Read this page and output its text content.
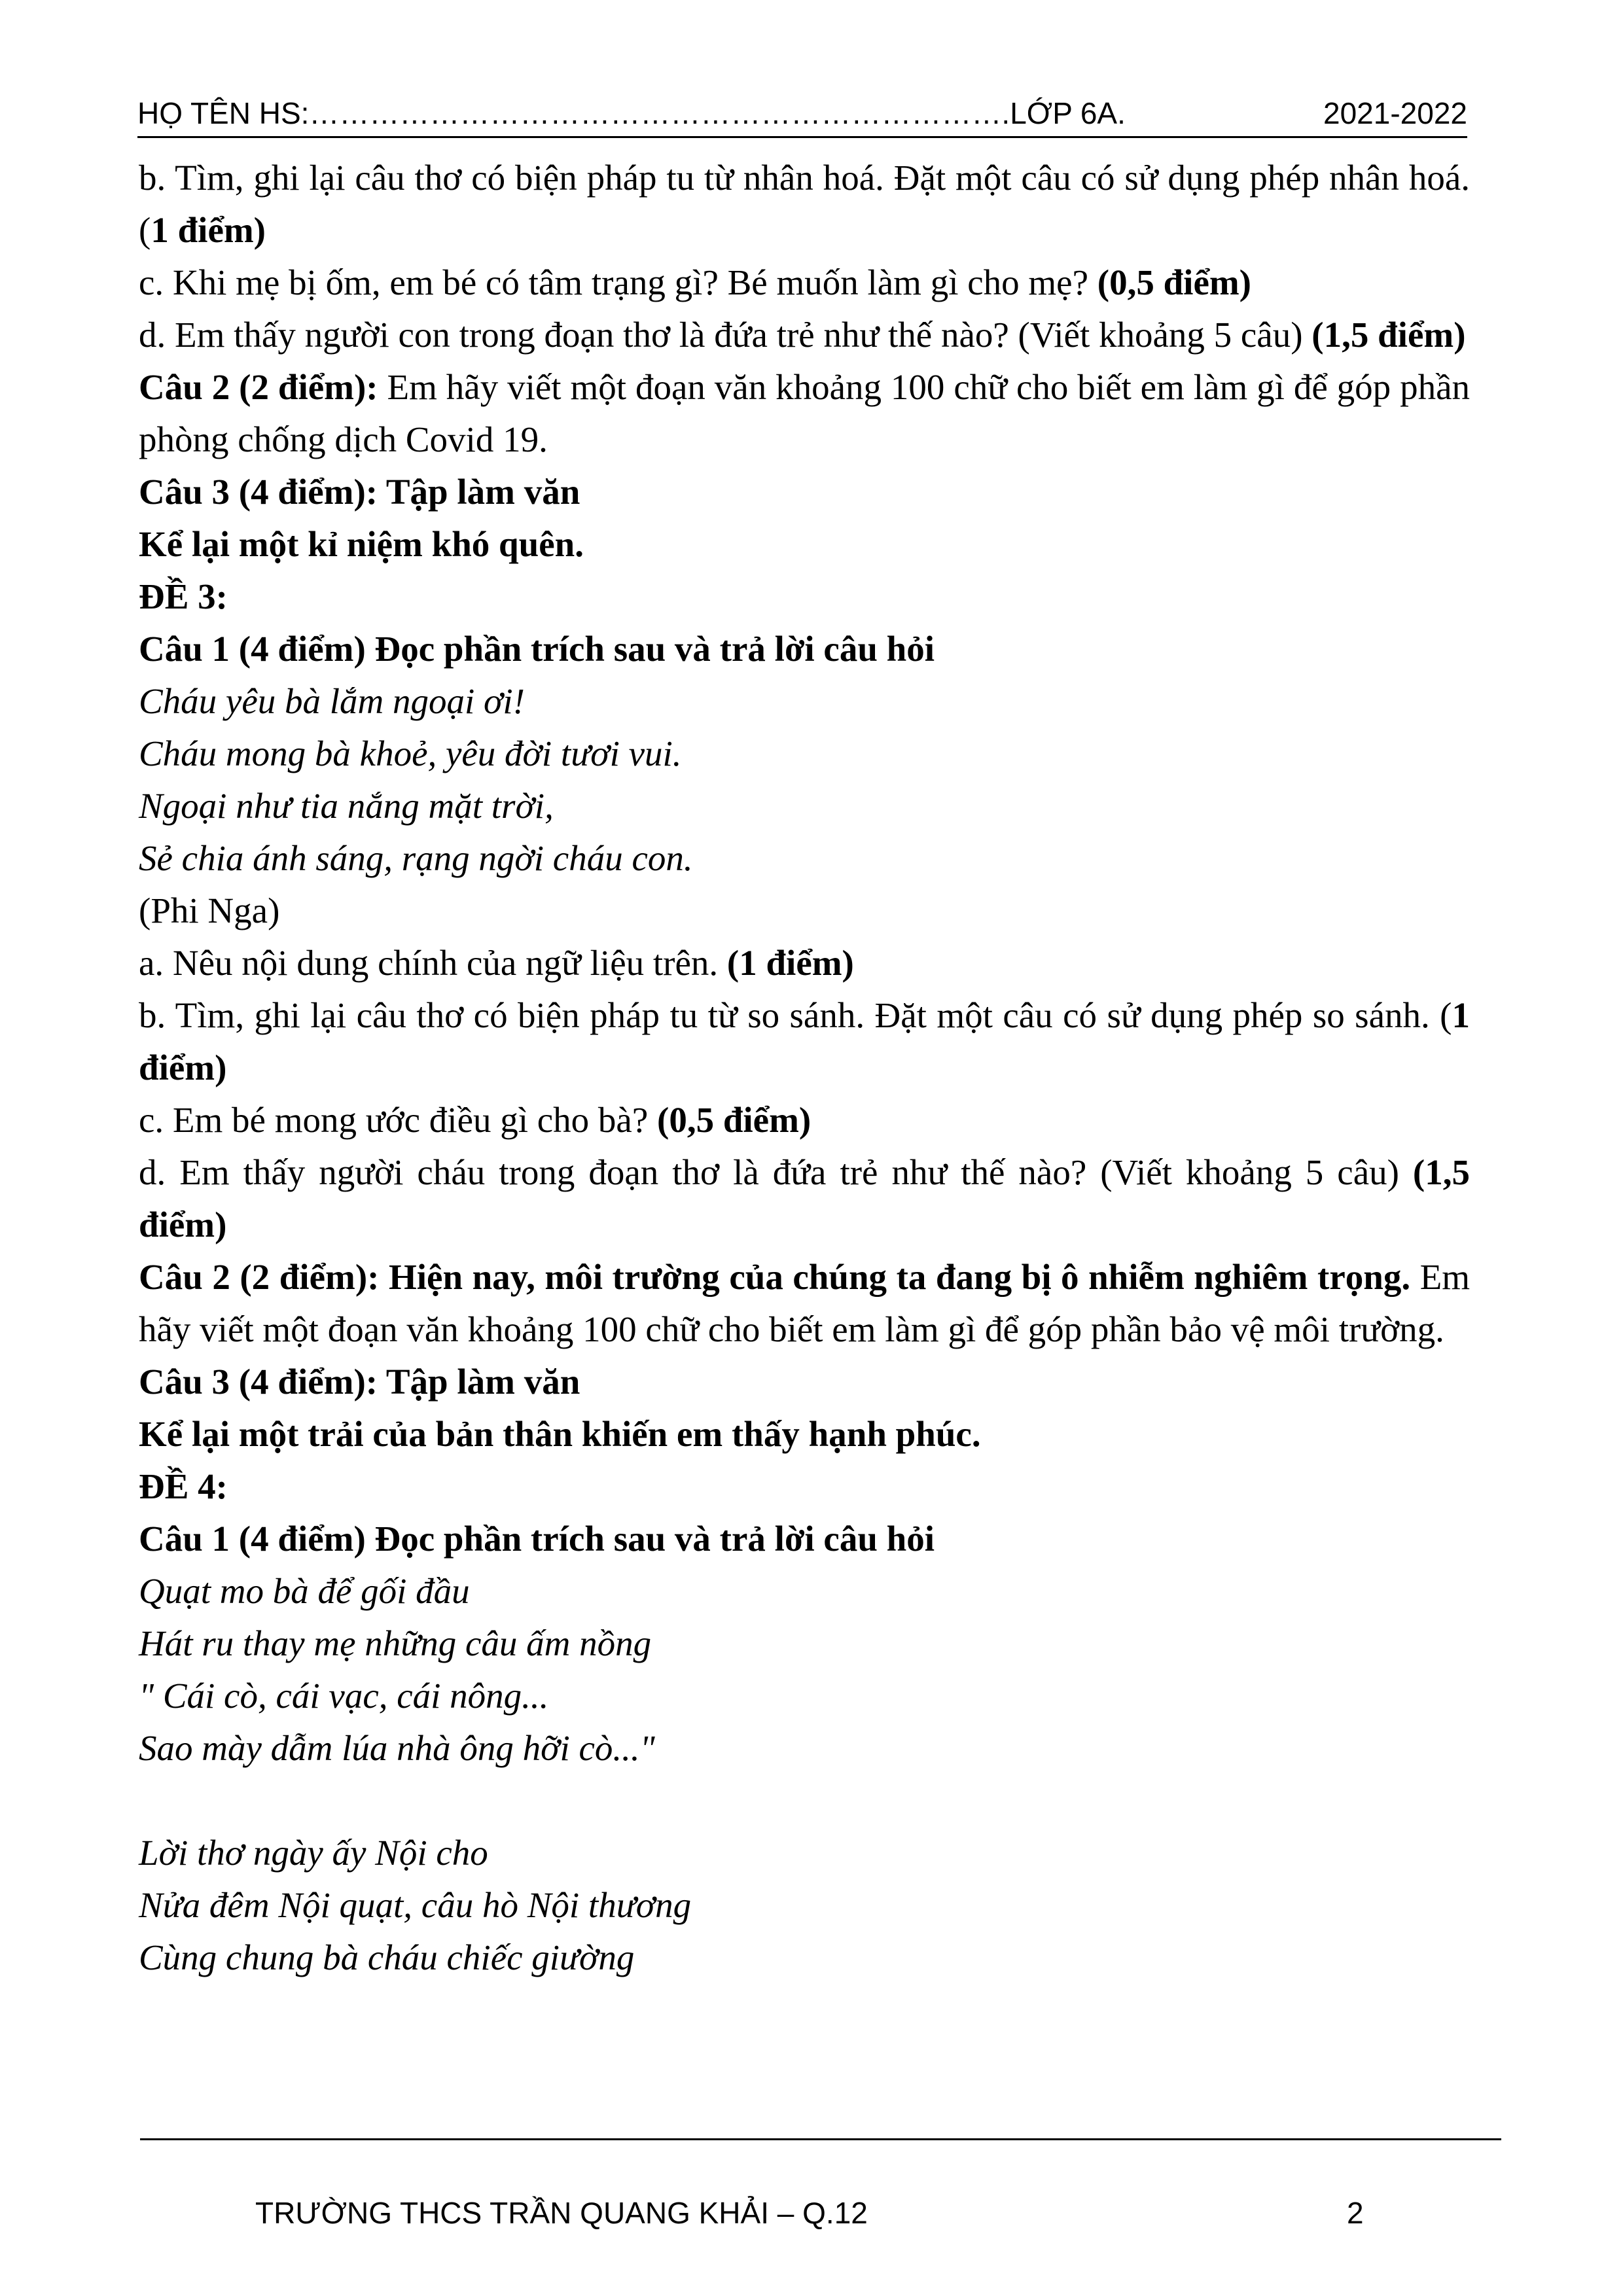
HỌ TÊN HS:…………………………………………………………….LỚP 6A.	2021-2022

b. Tìm, ghi lại câu thơ có biện pháp tu từ nhân hoá. Đặt một câu có sử dụng phép nhân hoá. (1 điểm)

c. Khi mẹ bị ốm, em bé có tâm trạng gì? Bé muốn làm gì cho mẹ? (0,5 điểm)

d. Em thấy người con trong đoạn thơ là đứa trẻ như thế nào? (Viết khoảng 5 câu) (1,5 điểm)

Câu 2 (2 điểm): Em hãy viết một đoạn văn khoảng 100 chữ cho biết em làm gì để góp phần phòng chống dịch Covid 19.

Câu 3 (4 điểm): Tập làm văn

Kể lại một kỉ niệm khó quên.

ĐỀ 3:

Câu 1 (4 điểm) Đọc phần trích sau và trả lời câu hỏi

Cháu yêu bà lắm ngoại ơi!

Cháu mong bà khoẻ, yêu đời tươi vui.

Ngoại như tia nắng mặt trời,

Sẻ chia ánh sáng, rạng ngời cháu con.

(Phi Nga)

a. Nêu nội dung chính của ngữ liệu trên. (1 điểm)

b. Tìm, ghi lại câu thơ có biện pháp tu từ so sánh. Đặt một câu có sử dụng phép so sánh. (1 điểm)

c. Em bé mong ước điều gì cho bà? (0,5 điểm)

d. Em thấy người cháu trong đoạn thơ là đứa trẻ như thế nào? (Viết khoảng 5 câu) (1,5 điểm)

Câu 2 (2 điểm): Hiện nay, môi trường của chúng ta đang bị ô nhiễm nghiêm trọng. Em hãy viết một đoạn văn khoảng 100 chữ cho biết em làm gì để góp phần bảo vệ môi trường.

Câu 3 (4 điểm): Tập làm văn

Kể lại một trải của bản thân khiến em thấy hạnh phúc.

ĐỀ 4:

Câu 1 (4 điểm) Đọc phần trích sau và trả lời câu hỏi

Quạt mo bà để gối đầu

Hát ru thay mẹ những câu ấm nồng

" Cái cò, cái vạc, cái nông...

Sao mày dẫm lúa nhà ông hỡi cò..."

Lời thơ ngày ấy Nội cho

Nửa đêm Nội quạt, câu hò Nội thương

Cùng chung bà cháu chiếc giường

TRƯỜNG THCS TRẦN QUANG KHẢI – Q.12	2
